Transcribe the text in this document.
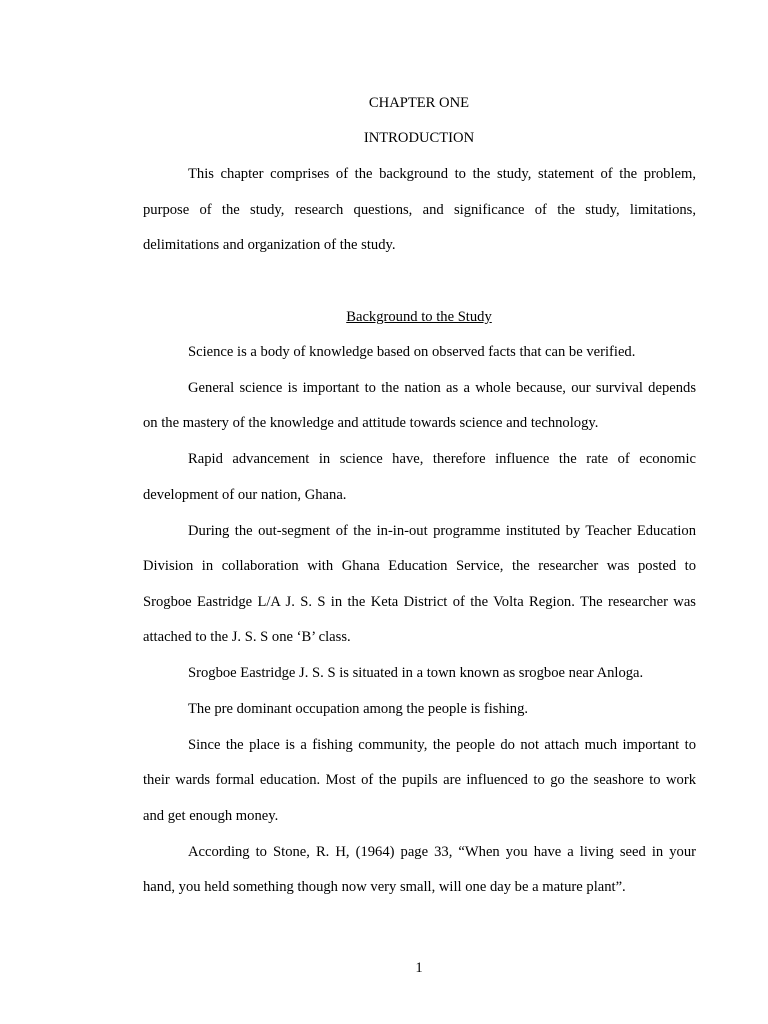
CHAPTER ONE
INTRODUCTION
This chapter comprises of the background to the study, statement of the problem,
purpose of the study, research questions, and significance of the study, limitations,
delimitations and organization of the study.
Background to the Study
Science is a body of knowledge based on observed facts that can be verified.
General science is important to the nation as a whole because, our survival depends
on the mastery of the knowledge and attitude towards science and technology.
Rapid advancement in science have, therefore influence the rate of economic
development of our nation, Ghana.
During the out-segment of the in-in-out programme instituted by Teacher Education
Division in collaboration with Ghana Education Service, the researcher was posted to
Srogboe Eastridge L/A J. S. S in the Keta District of the Volta Region. The researcher was
attached to the J. S. S one ‘B’ class.
Srogboe Eastridge J. S. S is situated in a town known as srogboe near Anloga.
The pre dominant occupation among the people is fishing.
Since the place is a fishing community, the people do not attach much important to
their wards formal education. Most of the pupils are influenced to go the seashore to work
and get enough money.
According to Stone, R. H, (1964) page 33, “When you have a living seed in your
hand, you held something though now very small, will one day be a mature plant”.
1
